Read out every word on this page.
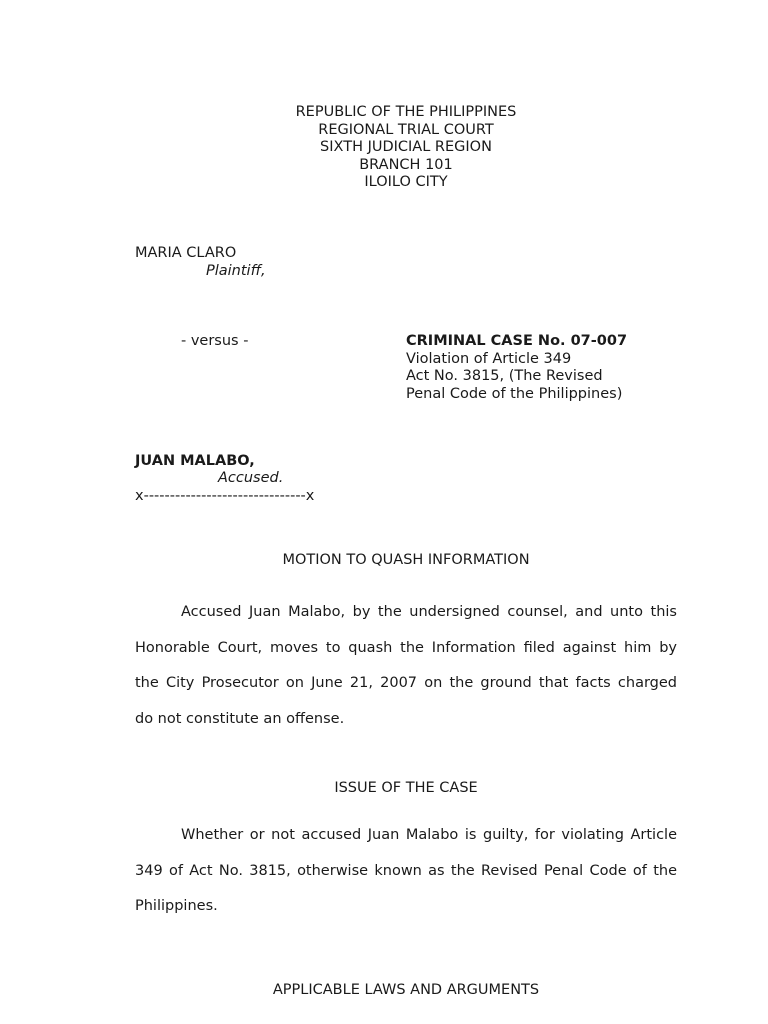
REPUBLIC OF THE PHILIPPINES
REGIONAL TRIAL COURT
SIXTH JUDICIAL REGION
BRANCH 101
ILOILO CITY
MARIA CLARO
Plaintiff,
- versus -	CRIMINAL CASE No. 07-007
Violation of Article 349
Act No. 3815, (The Revised
Penal Code of the Philippines)
JUAN MALABO,
Accused.
x-------------------------------x
MOTION TO QUASH INFORMATION
Accused Juan Malabo, by the undersigned counsel, and unto this
Honorable Court, moves to quash the Information filed against him by
the City Prosecutor on June 21, 2007 on the ground that facts charged
do not constitute an offense.
ISSUE OF THE CASE
Whether or not accused Juan Malabo is guilty, for violating Article
349 of Act No. 3815, otherwise known as the Revised Penal Code of the
Philippines.
APPLICABLE LAWS AND ARGUMENTS
